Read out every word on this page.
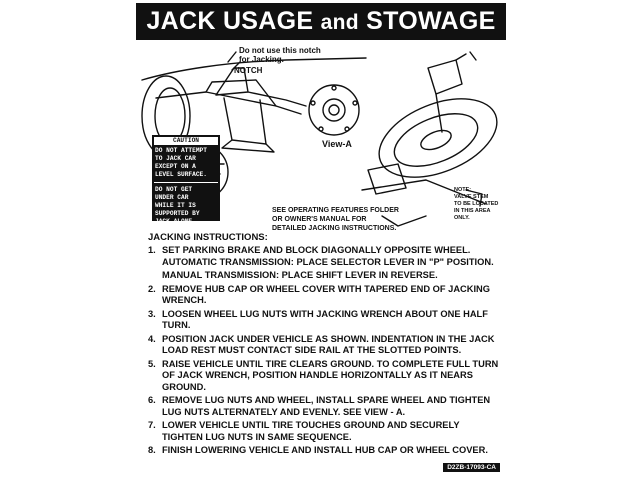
JACK USAGE and STOWAGE
Do not use this notch
for Jacking.
NOTCH
View-A
NOTE:
VALVE STEM
TO BE LOCATED
IN THIS AREA
ONLY.
SEE OPERATING FEATURES FOLDER
OR OWNER'S MANUAL FOR
DETAILED JACKING INSTRUCTIONS.
CAUTION
DO NOT ATTEMPT
TO JACK CAR
EXCEPT ON A
LEVEL SURFACE.
DO NOT GET
UNDER CAR
WHILE IT IS
SUPPORTED BY
JACK ALONE.
JACKING INSTRUCTIONS:
1. SET PARKING BRAKE AND BLOCK DIAGONALLY OPPOSITE WHEEL. AUTOMATIC TRANSMISSION: PLACE SELECTOR LEVER IN "P" POSITION.
MANUAL TRANSMISSION: PLACE SHIFT LEVER IN REVERSE.
2. REMOVE HUB CAP OR WHEEL COVER WITH TAPERED END OF JACKING WRENCH.
3. LOOSEN WHEEL LUG NUTS WITH JACKING WRENCH ABOUT ONE HALF TURN.
4. POSITION JACK UNDER VEHICLE AS SHOWN. INDENTATION IN THE JACK LOAD REST MUST CONTACT SIDE RAIL AT THE SLOTTED POINTS.
5. RAISE VEHICLE UNTIL TIRE CLEARS GROUND. TO COMPLETE FULL TURN OF JACK WRENCH, POSITION HANDLE HORIZONTALLY AS IT NEARS GROUND.
6. REMOVE LUG NUTS AND WHEEL, INSTALL SPARE WHEEL AND TIGHTEN LUG NUTS ALTERNATELY AND EVENLY. SEE VIEW - A.
7. LOWER VEHICLE UNTIL TIRE TOUCHES GROUND AND SECURELY TIGHTEN LUG NUTS IN SAME SEQUENCE.
8. FINISH LOWERING VEHICLE AND INSTALL HUB CAP OR WHEEL COVER.
D2ZB-17093-CA
